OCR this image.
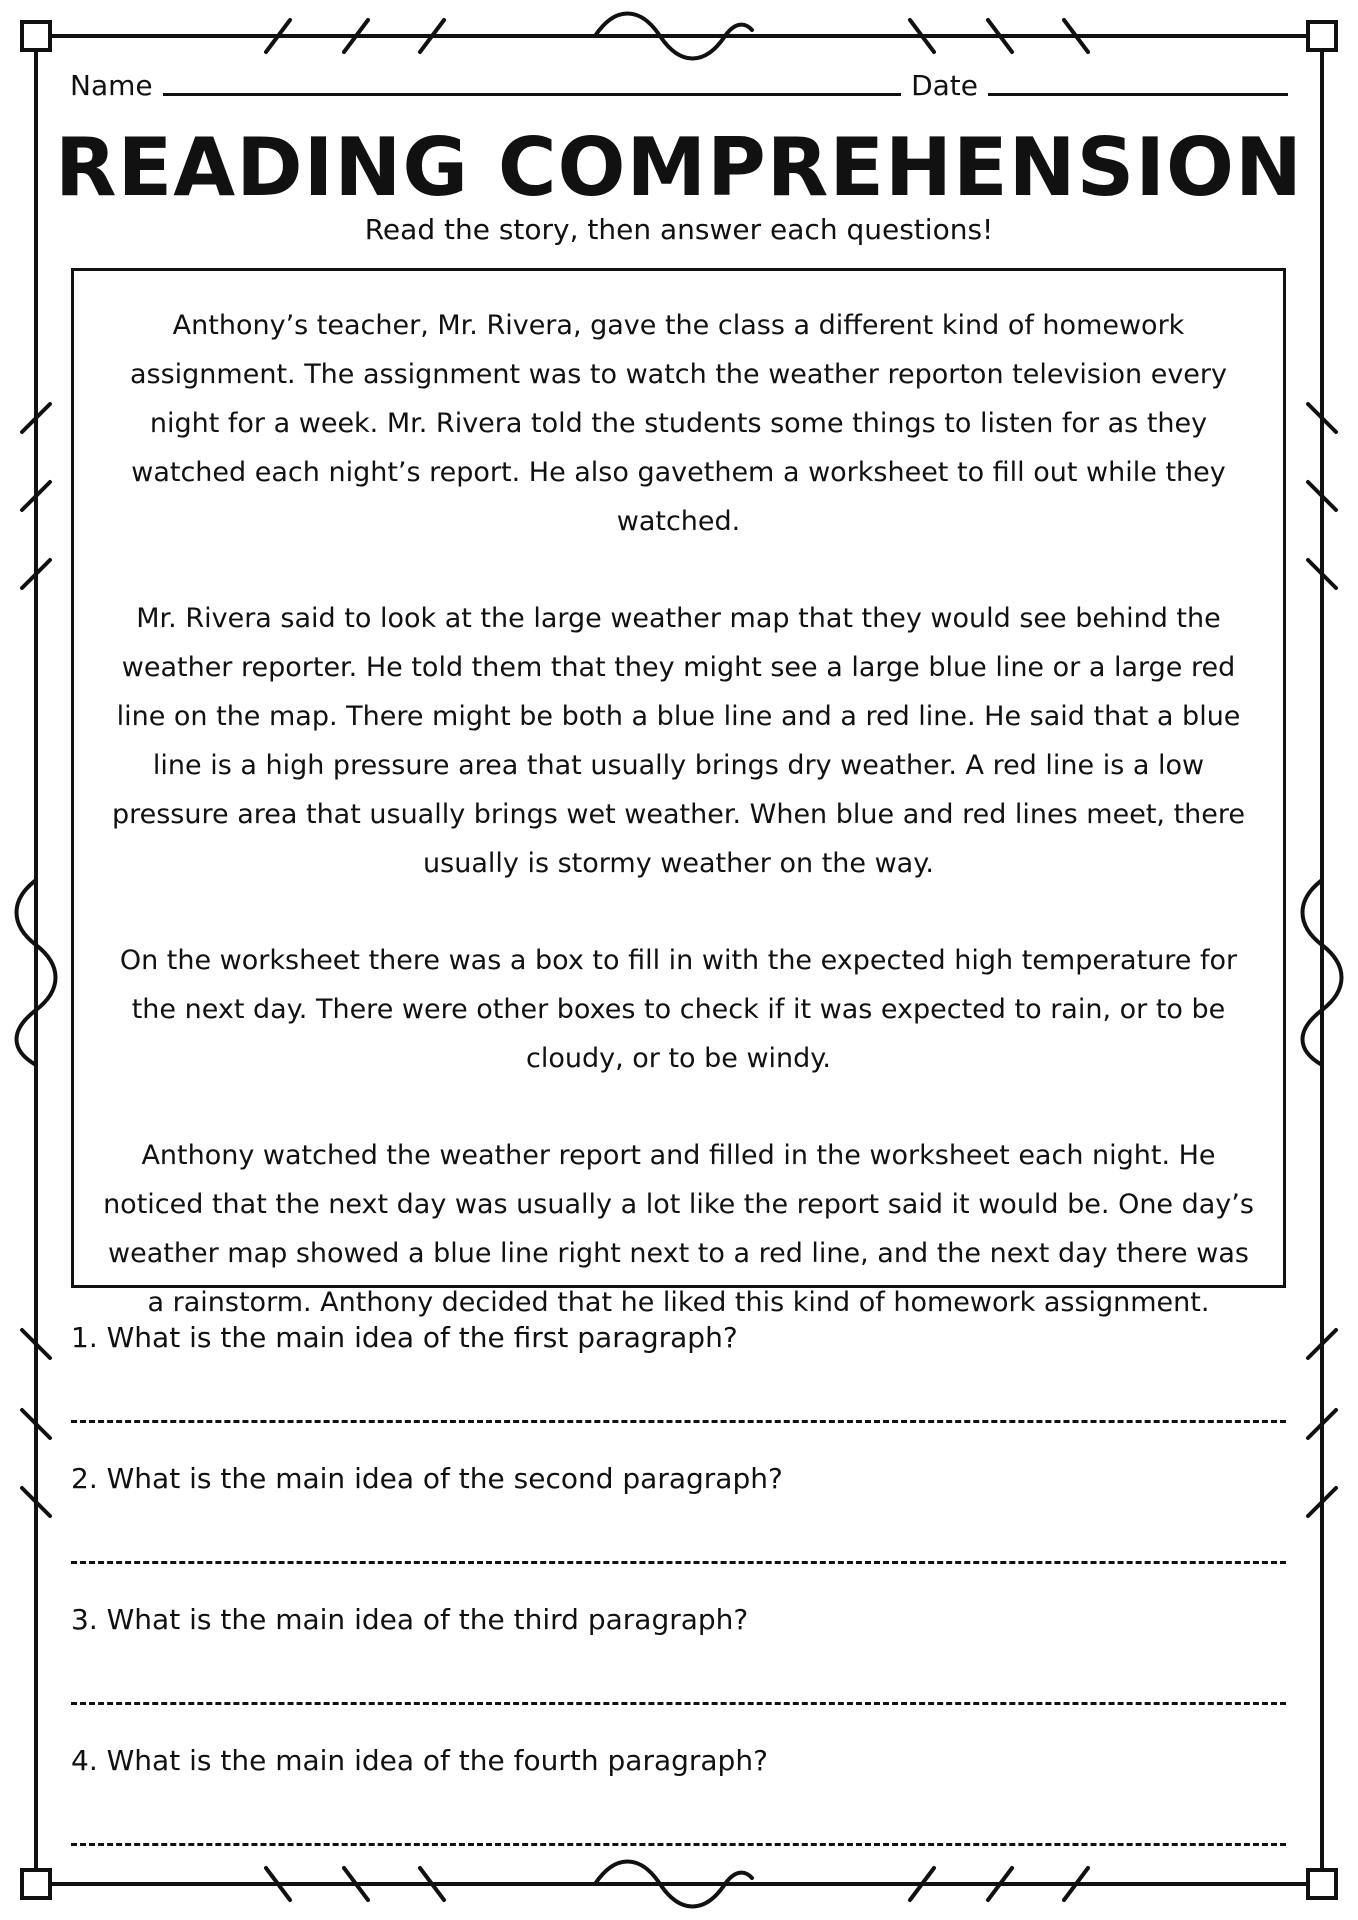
Name	Date
READING COMPREHENSION
Read the story, then answer each questions!

Anthony’s teacher, Mr. Rivera, gave the class a different kind of homework assignment. The assignment was to watch the weather reporton television every night for a week. Mr. Rivera told the students some things to listen for as they watched each night’s report. He also gavethem a worksheet to fill out while they watched.

Mr. Rivera said to look at the large weather map that they would see behind the weather reporter. He told them that they might see a large blue line or a large red line on the map. There might be both a blue line and a red line. He said that a blue line is a high pressure area that usually brings dry weather. A red line is a low pressure area that usually brings wet weather. When blue and red lines meet, there usually is stormy weather on the way.

On the worksheet there was a box to fill in with the expected high temperature for the next day. There were other boxes to check if it was expected to rain, or to be cloudy, or to be windy.

Anthony watched the weather report and filled in the worksheet each night. He noticed that the next day was usually a lot like the report said it would be. One day’s weather map showed a blue line right next to a red line, and the next day there was a rainstorm. Anthony decided that he liked this kind of homework assignment.

1. What is the main idea of the first paragraph?
2. What is the main idea of the second paragraph?
3. What is the main idea of the third paragraph?
4. What is the main idea of the fourth paragraph?
